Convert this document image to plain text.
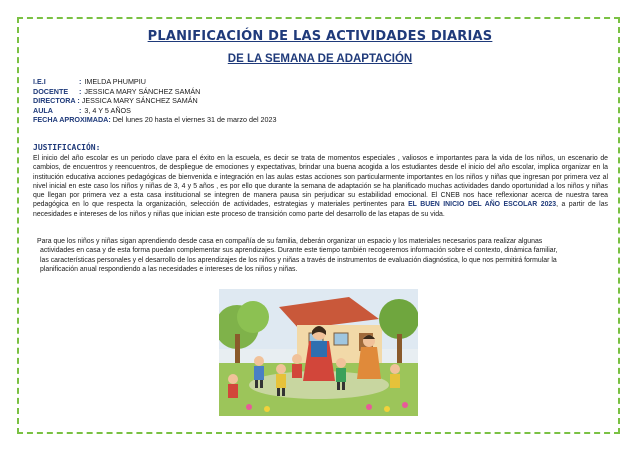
PLANIFICACIÓN DE LAS ACTIVIDADES DIARIAS
DE LA SEMANA DE ADAPTACIÓN
I.E.I	: IMELDA PHUMPIU
DOCENTE : JESSICA MARY SÁNCHEZ SAMÁN
DIRECTORA : JESSICA MARY SÁNCHEZ SAMÁN
AULA	: 3, 4 Y 5 AÑOS
FECHA APROXIMADA: Del lunes 20 hasta el viernes 31 de marzo del 2023
JUSTIFICACIÓN:
El inicio del año escolar es un periodo clave para el éxito en la escuela, es decir se trata de momentos especiales , valiosos e importantes para la vida de los niños, un escenario de cambios, de encuentros y reencuentros, de despliegue de emociones y expectativas, brindar una buena acogida a los estudiantes desde el inicio del año escolar, implica organizar en la institución educativa acciones pedagógicas de bienvenida e integración en las aulas estas acciones son particularmente importantes en los niños y niñas que ingresan por primera vez al nivel inicial en este caso los niños y niñas de 3, 4 y 5 años , es por ello que durante la semana de adaptación se ha planificado muchas actividades dando oportunidad a los niños y niñas que llegan por primera vez a esta casa institucional se integren de manera pausa sin perjudicar su estabilidad emocional. El CNEB nos hace reflexionar acerca de nuestra tarea pedagógica en lo que respecta la organización, selección de actividades, estrategias y materiales pertinentes para EL BUEN INICIO DEL AÑO ESCOLAR 2023, a partir de las necesidades e intereses de los niños y niñas que inician este proceso de transición como parte del desarrollo de las etapas de su vida.
Para que los niños y niñas sigan aprendiendo desde casa en compañía de su familia, deberán organizar un espacio y los materiales necesarios para realizar algunas
actividades en casa y de esta forma puedan complementar sus aprendizajes. Durante este tiempo también recogeremos información sobre el contexto, dinámica familiar,
las características personales y el desarrollo de los aprendizajes de los niños y niñas a través de instrumentos de evaluación diagnóstica, lo que nos permitirá formular la
planificación anual respondiendo a las necesidades e intereses de los niños y niñas.
